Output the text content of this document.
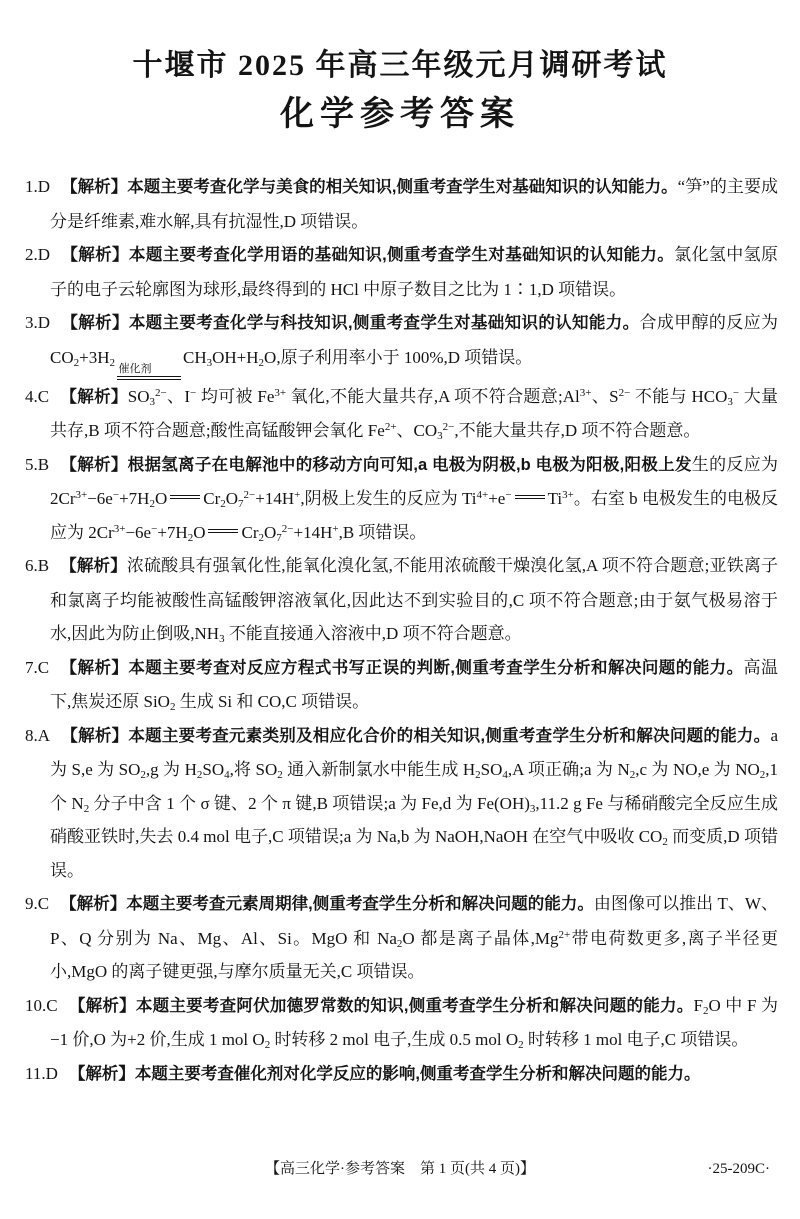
十堰市 2025 年高三年级元月调研考试
化学参考答案

1.D 【解析】本题主要考查化学与美食的相关知识,侧重考查学生对基础知识的认知能力。“笋”的主要成分是纤维素,难水解,具有抗湿性,D 项错误。

2.D 【解析】本题主要考查化学用语的基础知识,侧重考查学生对基础知识的认知能力。氯化氢中氢原子的电子云轮廓图为球形,最终得到的 HCl 中原子数目之比为 1∶1,D 项错误。

3.D 【解析】本题主要考查化学与科技知识,侧重考查学生对基础知识的认知能力。合成甲醇的反应为 $CO_2+3H_2$ 催化剂
$CH_3OH+H_2O$,原子利用率小于 100%,D 项错误。

4.C 【解析】$SO_3^{2-}$、I− 均可被 $Fe^{3+}$ 氧化,不能大量共存,A 项不符合题意$;Al^{3+}$、$S^{2-}$ 不能与 $HCO_3^-$ 大量共存,B 项不符合题意;酸性高锰酸钾会氧化 $Fe^{2+}$、$CO_3^{2-}$,不能大量共存,D 项不符合题意。

5.B 【解析】根据氢离子在电解池中的移动方向可知,a 电极为阴极,b 电极为阳极,阳极上发生的反应为 $2Cr^{3+}-6e^-+7H_2O$ $Cr_2O_7^{2-}+14H^+$,阴极上发生的反应为 $Ti^{4+}+e^-$ $Ti^{3+}$。右室 b 电极发生的电极反应为 $2Cr^{3+}-6e^-+7H_2O$ $Cr_2O_7^{2-}+14H^+,B$ 项错误。

6.B 【解析】浓硫酸具有强氧化性,能氧化溴化氢,不能用浓硫酸干燥溴化氢,A 项不符合题意;亚铁离子和氯离子均能被酸性高锰酸钾溶液氧化,因此达不到实验目的,C 项不符合题意;由于氨气极易溶于水,因此为防止倒吸$,NH_3$ 不能直接通入溶液中,D 项不符合题意。

7.C 【解析】本题主要考查对反应方程式书写正误的判断,侧重考查学生分析和解决问题的能力。高温下,焦炭还原 SiO$_2$ 生成 Si 和 CO,C 项错误。

8.A 【解析】本题主要考查元素类别及相应化合价的相关知识,侧重考查学生分析和解决问题的能力。a 为 S,e 为 $SO_2,g$ 为 $H_2SO_4$,将 $SO_2$ 通入新制氯水中能生成 $H_2SO_4,A$ 项正确;a 为 $N_2,c$ 为 NO,e 为 $NO_2,1$ 个 $N_2$ 分子中含 1 个 σ 键、2 个 π 键,B 项错误;a 为 Fe,d 为 $Fe(OH)_3,11.2$ g Fe 与稀硝酸完全反应生成硝酸亚铁时,失去 0.4 mol 电子,C 项错误;a 为 Na,b 为 NaOH,NaOH 在空气中吸收 $CO_2$ 而变质,D 项错误。

9.C 【解析】本题主要考查元素周期律,侧重考查学生分析和解决问题的能力。由图像可以推出 T、W、P、Q 分别为 Na、Mg、Al、Si。MgO 和 $Na_2O$ 都是离子晶体$,Mg^{2+}$带电荷数更多,离子半径更小,MgO 的离子键更强,与摩尔质量无关,C 项错误。

10.C 【解析】本题主要考查阿伏加德罗常数的知识,侧重考查学生分析和解决问题的能力。$F_2O$ 中 F 为−1 价,O 为+2 价,生成 1 mol $O_2$ 时转移 2 mol 电子,生成 0.5 mol $O_2$ 时转移 1 mol 电子,C 项错误。

11.D 【解析】本题主要考查催化剂对化学反应的影响,侧重考查学生分析和解决问题的能力。

【高三化学·参考答案　第 1 页(共 4 页)】	·25-209C·
